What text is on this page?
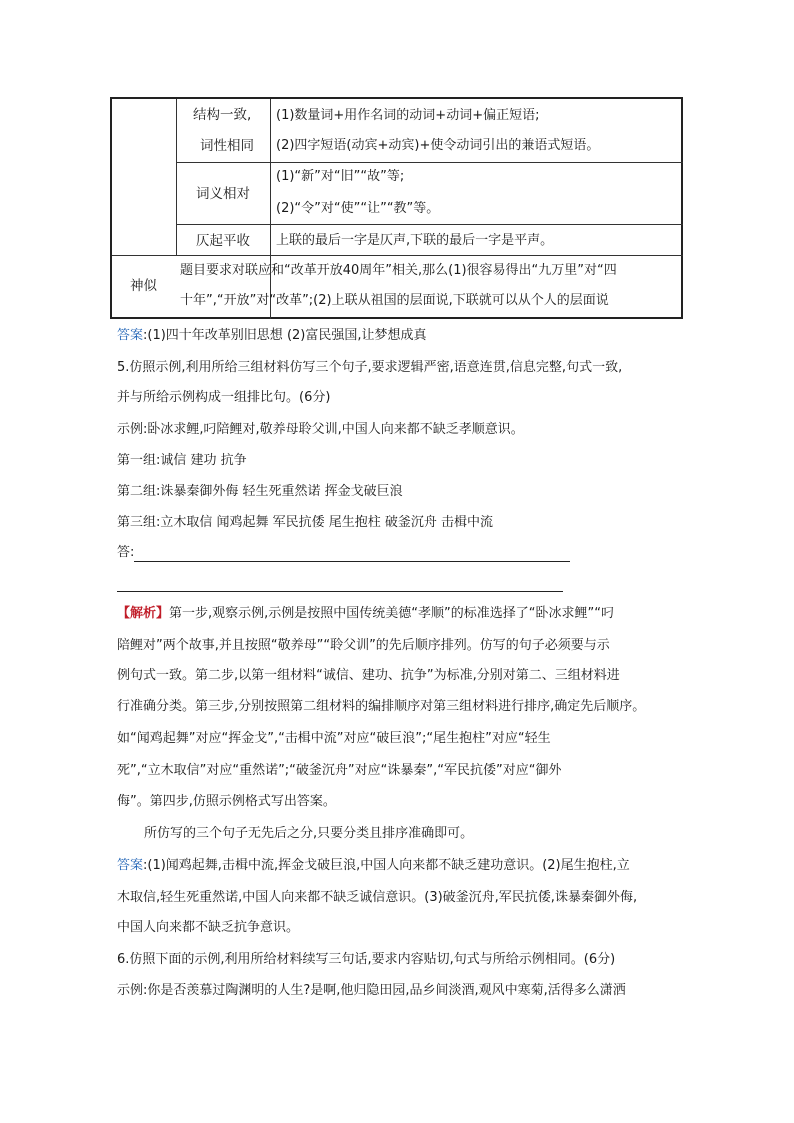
结构一致,
词性相同
(1)数量词+用作名词的动词+动词+偏正短语;
(2)四字短语(动宾+动宾)+使令动词引出的兼语式短语。
词义相对
(1)“新”对“旧”“故”等;
(2)“令”对“使”“让”“教”等。
仄起平收 上联的最后一字是仄声,下联的最后一字是平声。
神似
题目要求对联应和“改革开放40周年”相关,那么(1)很容易得出“九万里”对“四
十年”,“开放”对“改革”;(2)上联从祖国的层面说,下联就可以从个人的层面说
答案:(1)四十年改革别旧思想 (2)富民强国,让梦想成真
5.仿照示例,利用所给三组材料仿写三个句子,要求逻辑严密,语意连贯,信息完整,句式一致,
并与所给示例构成一组排比句。(6分)
示例:卧冰求鲤,叼陪鲤对,敬养母聆父训,中国人向来都不缺乏孝顺意识。
第一组:诚信 建功 抗争
第二组:诛暴秦御外侮 轻生死重然诺 挥金戈破巨浪
第三组:立木取信 闻鸡起舞 军民抗倭 尾生抱柱 破釜沉舟 击楫中流
答:
【解析】第一步,观察示例,示例是按照中国传统美德“孝顺”的标准选择了“卧冰求鲤”“叼
陪鲤对”两个故事,并且按照“敬养母”“聆父训”的先后顺序排列。仿写的句子必须要与示
例句式一致。第二步,以第一组材料“诚信、建功、抗争”为标准,分别对第二、三组材料进
行准确分类。第三步,分别按照第二组材料的编排顺序对第三组材料进行排序,确定先后顺序。
如“闻鸡起舞”对应“挥金戈”,“击楫中流”对应“破巨浪”;“尾生抱柱”对应“轻生
死”,“立木取信”对应“重然诺”;“破釜沉舟”对应“诛暴秦”,“军民抗倭”对应“御外
侮”。第四步,仿照示例格式写出答案。
所仿写的三个句子无先后之分,只要分类且排序准确即可。
答案:(1)闻鸡起舞,击楫中流,挥金戈破巨浪,中国人向来都不缺乏建功意识。(2)尾生抱柱,立
木取信,轻生死重然诺,中国人向来都不缺乏诚信意识。(3)破釜沉舟,军民抗倭,诛暴秦御外侮,
中国人向来都不缺乏抗争意识。
6.仿照下面的示例,利用所给材料续写三句话,要求内容贴切,句式与所给示例相同。(6分)
示例:你是否羡慕过陶渊明的人生?是啊,他归隐田园,品乡间淡酒,观风中寒菊,活得多么潇洒
